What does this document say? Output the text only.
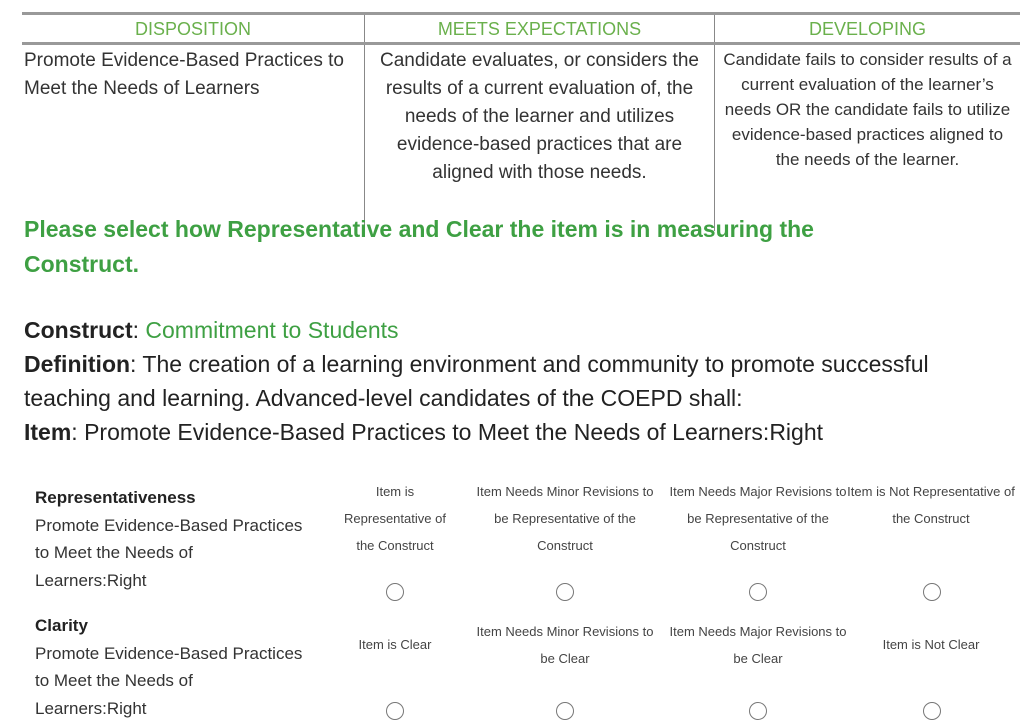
DISPOSITION	MEETS EXPECTATIONS	DEVELOPING
Promote Evidence-Based Practices to Meet the Needs of Learners
Candidate evaluates, or considers the results of a current evaluation of, the needs of the learner and utilizes evidence-based practices that are aligned with those needs.
Candidate fails to consider results of a current evaluation of the learner’s needs OR the candidate fails to utilize evidence-based practices aligned to the needs of the learner.
Please select how Representative and Clear the item is in measuring the Construct.
Construct: Commitment to Students
Definition: The creation of a learning environment and community to promote successful teaching and learning. Advanced-level candidates of the COEPD shall:
Item: Promote Evidence-Based Practices to Meet the Needs of Learners:Right
Representativeness
Promote Evidence-Based Practices to Meet the Needs of Learners:Right
Item is Representative of the Construct
Item Needs Minor Revisions to be Representative of the Construct
Item Needs Major Revisions to be Representative of the Construct
Item is Not Representative of the Construct
Clarity
Promote Evidence-Based Practices to Meet the Needs of Learners:Right
Item is Clear
Item Needs Minor Revisions to be Clear
Item Needs Major Revisions to be Clear
Item is Not Clear
